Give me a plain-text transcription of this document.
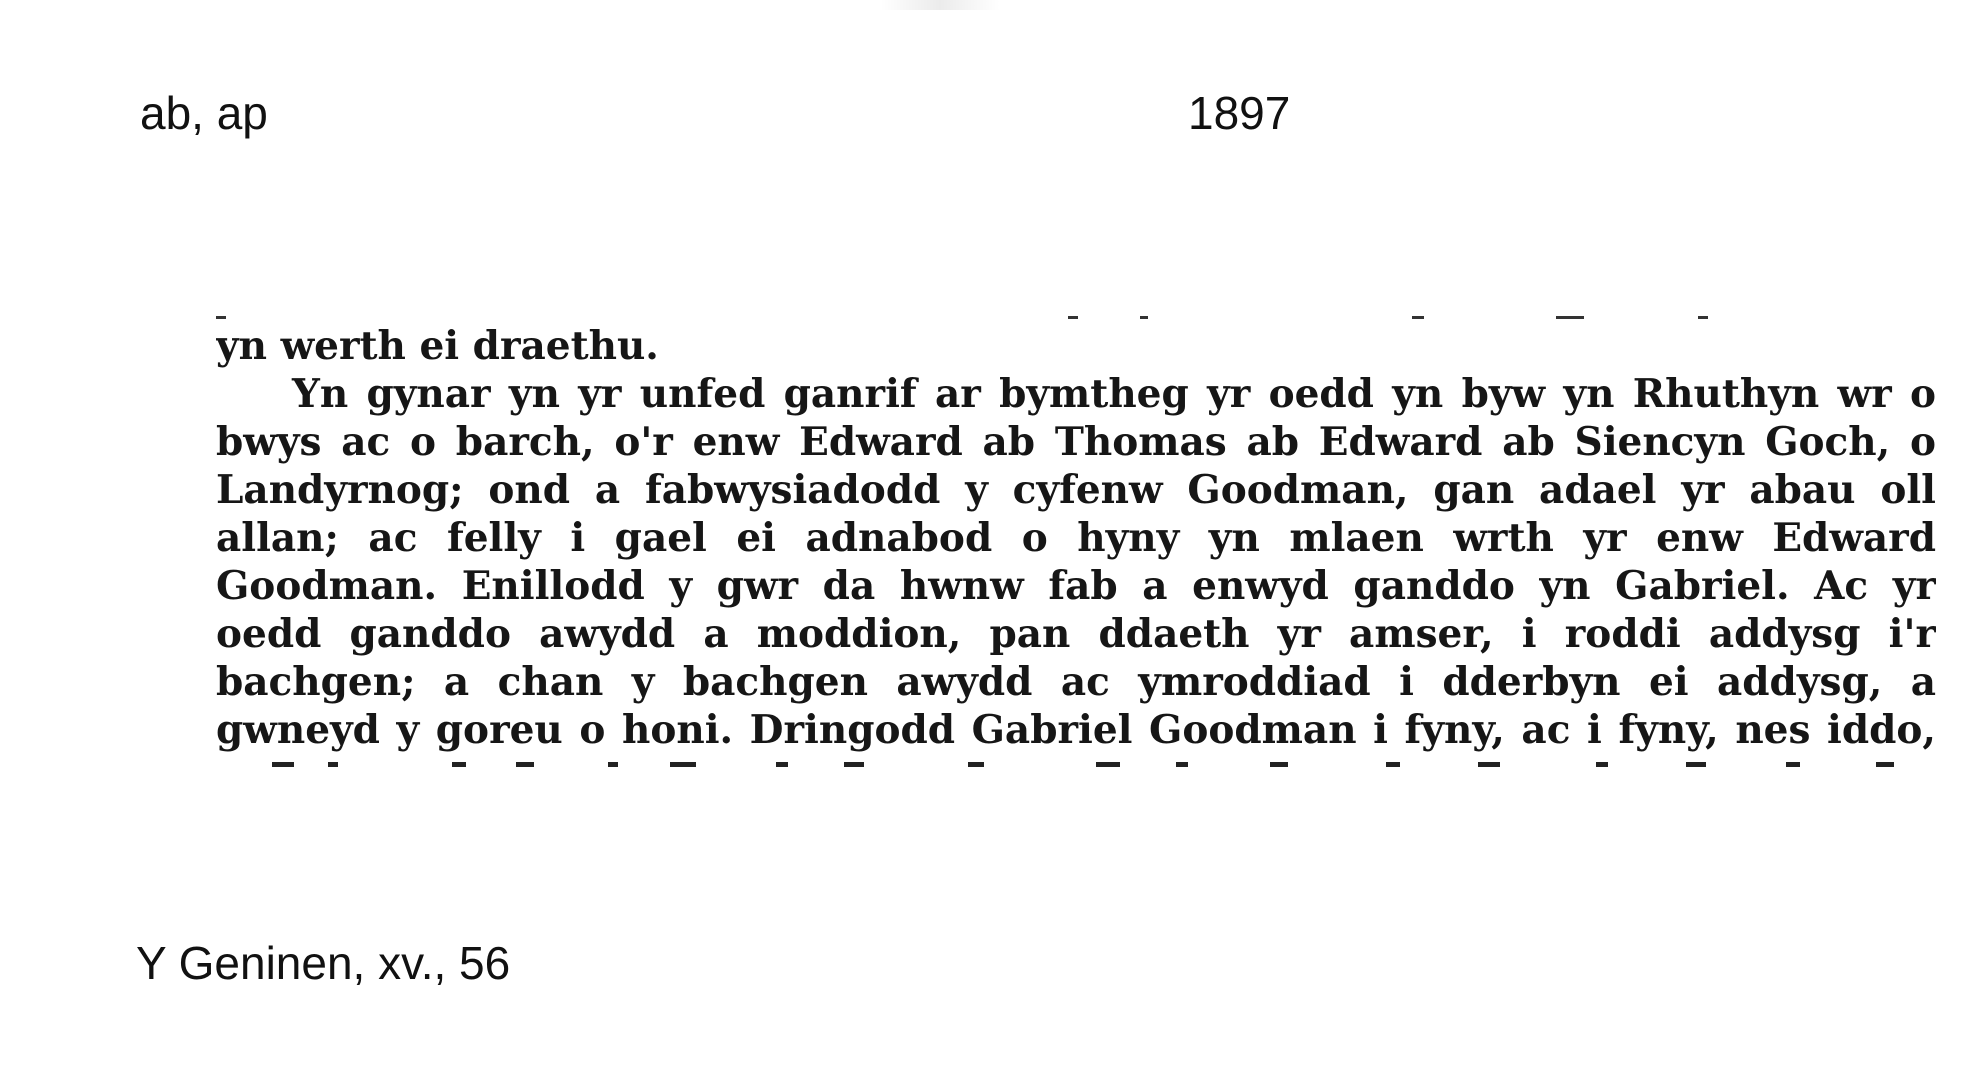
ab, ap	1897
yn werth ei draethu.
Yn gynar yn yr unfed ganrif ar bymtheg yr oedd yn byw yn Rhuthyn wr o
bwys ac o barch, o'r enw Edward ab Thomas ab Edward ab Siencyn Goch, o
Landyrnog; ond a fabwysiadodd y cyfenw Goodman, gan adael yr abau oll
allan; ac felly i gael ei adnabod o hyny yn mlaen wrth yr enw Edward
Goodman. Enillodd y gwr da hwnw fab a enwyd ganddo yn Gabriel. Ac yr
oedd ganddo awydd a moddion, pan ddaeth yr amser, i roddi addysg i'r
bachgen; a chan y bachgen awydd ac ymroddiad i dderbyn ei addysg, a
gwneyd y goreu o honi. Dringodd Gabriel Goodman i fyny, ac i fyny, nes iddo,
Y Geninen, xv., 56
